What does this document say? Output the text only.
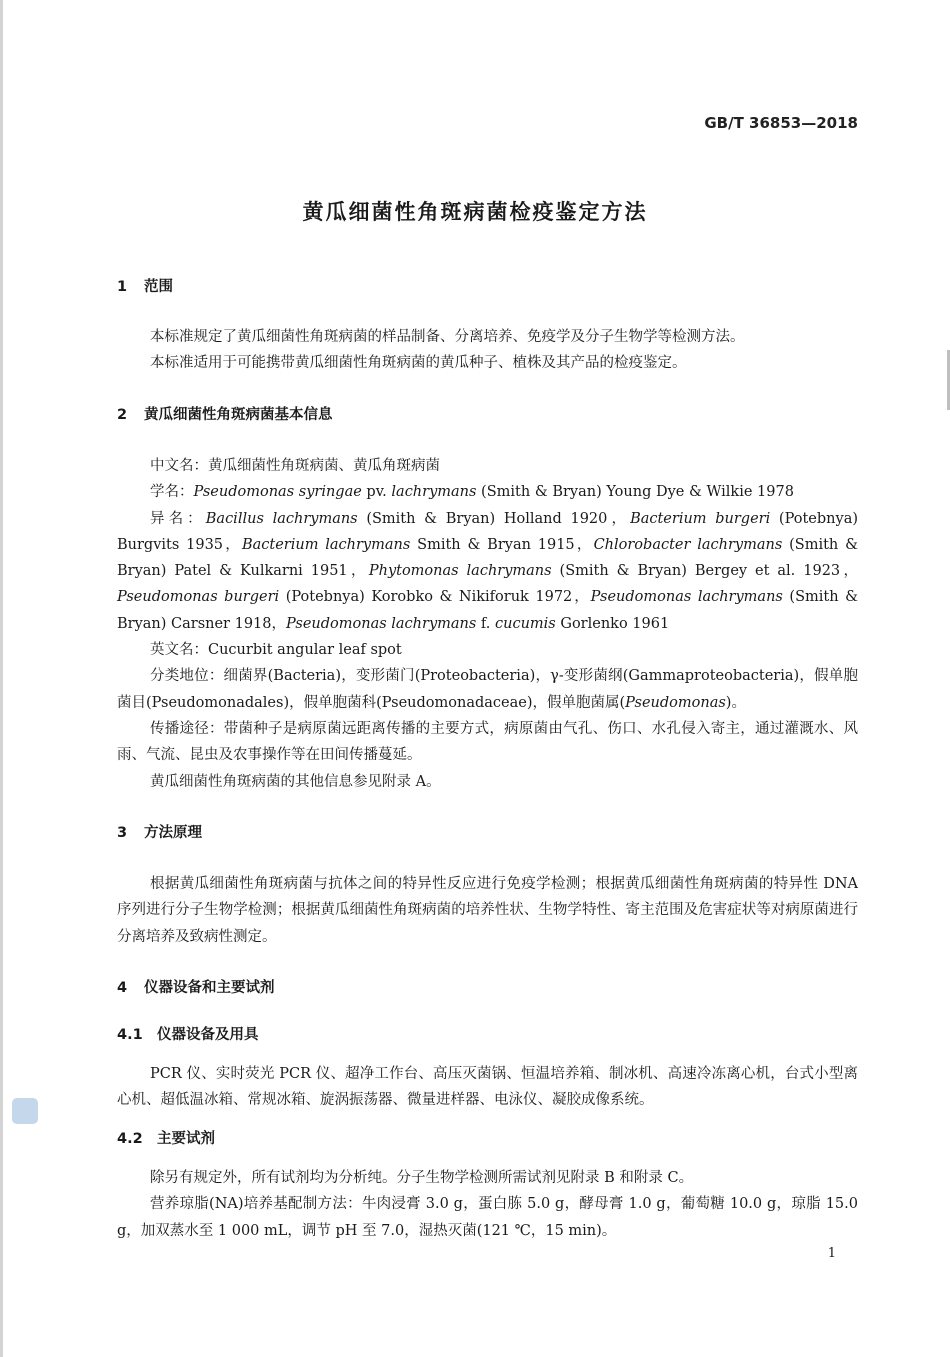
GB/T 36853—2018
黄瓜细菌性角斑病菌检疫鉴定方法
1 范围

本标准规定了黄瓜细菌性角斑病菌的样品制备、分离培养、免疫学及分子生物学等检测方法。

本标准适用于可能携带黄瓜细菌性角斑病菌的黄瓜种子、植株及其产品的检疫鉴定。

2 黄瓜细菌性角斑病菌基本信息

中文名：黄瓜细菌性角斑病菌、黄瓜角斑病菌

学名：Pseudomonas syringae pv. lachrymans (Smith & Bryan) Young Dye & Wilkie 1978

异名：Bacillus lachrymans (Smith & Bryan) Holland 1920，Bacterium burgeri (Potebnya) Burgvits 1935，Bacterium lachrymans Smith & Bryan 1915，Chlorobacter lachrymans (Smith & Bryan) Patel & Kulkarni 1951，Phytomonas lachrymans (Smith & Bryan) Bergey et al. 1923，Pseudomonas burgeri (Potebnya) Korobko & Nikiforuk 1972，Pseudomonas lachrymans (Smith & Bryan) Carsner 1918，Pseudomonas lachrymans f. cucumis Gorlenko 1961

英文名：Cucurbit angular leaf spot

分类地位：细菌界(Bacteria)，变形菌门(Proteobacteria)，γ-变形菌纲(Gammaproteobacteria)，假单胞菌目(Pseudomonadales)，假单胞菌科(Pseudomonadaceae)，假单胞菌属(Pseudomonas)。

传播途径：带菌种子是病原菌远距离传播的主要方式，病原菌由气孔、伤口、水孔侵入寄主，通过灌溉水、风雨、气流、昆虫及农事操作等在田间传播蔓延。

黄瓜细菌性角斑病菌的其他信息参见附录 A。

3 方法原理

根据黄瓜细菌性角斑病菌与抗体之间的特异性反应进行免疫学检测；根据黄瓜细菌性角斑病菌的特异性 DNA 序列进行分子生物学检测；根据黄瓜细菌性角斑病菌的培养性状、生物学特性、寄主范围及危害症状等对病原菌进行分离培养及致病性测定。

4 仪器设备和主要试剂
4.1 仪器设备及用具

PCR 仪、实时荧光 PCR 仪、超净工作台、高压灭菌锅、恒温培养箱、制冰机、高速冷冻离心机，台式小型离心机、超低温冰箱、常规冰箱、旋涡振荡器、微量进样器、电泳仪、凝胶成像系统。

4.2 主要试剂

除另有规定外，所有试剂均为分析纯。分子生物学检测所需试剂见附录 B 和附录 C。

营养琼脂(NA)培养基配制方法：牛肉浸膏 3.0 g，蛋白胨 5.0 g，酵母膏 1.0 g，葡萄糖 10.0 g，琼脂 15.0 g，加双蒸水至 1 000 mL，调节 pH 至 7.0，湿热灭菌(121 ℃，15 min)。

1
